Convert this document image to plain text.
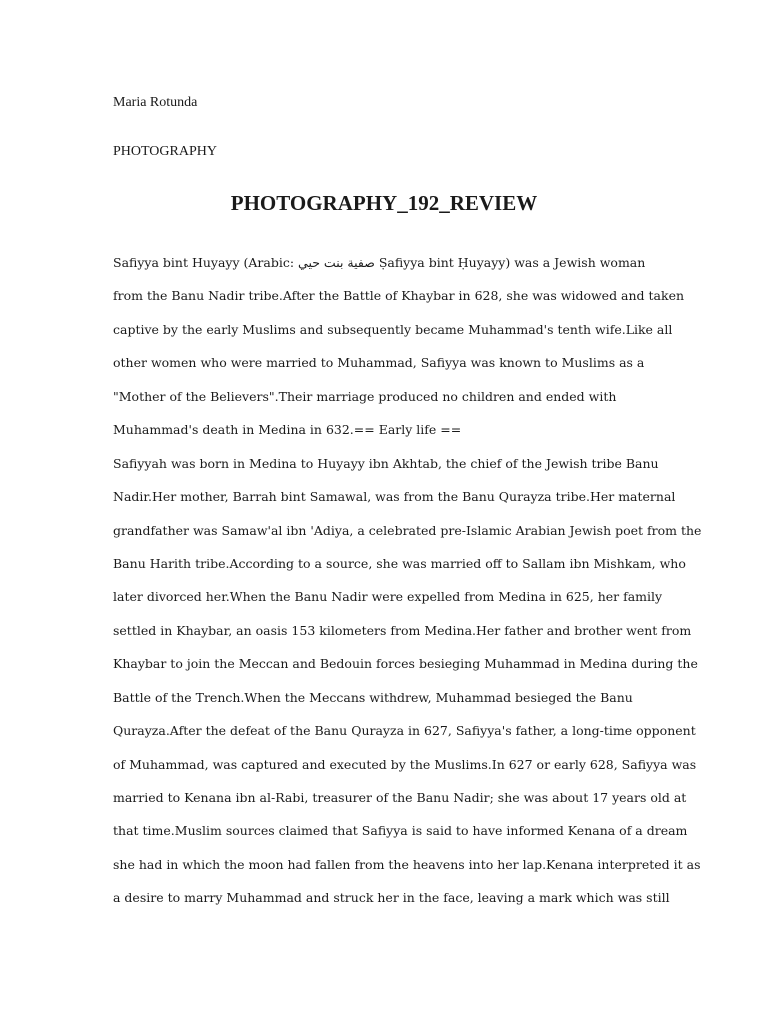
Maria Rotunda
PHOTOGRAPHY
PHOTOGRAPHY_192_REVIEW
Safiyya bint Huyayy (Arabic: صفية بنت حيي Ṣafiyya bint Ḥuyayy) was a Jewish woman
from the Banu Nadir tribe.After the Battle of Khaybar in 628, she was widowed and taken
captive by the early Muslims and subsequently became Muhammad's tenth wife.Like all
other women who were married to Muhammad, Safiyya was known to Muslims as a
"Mother of the Believers".Their marriage produced no children and ended with
Muhammad's death in Medina in 632.== Early life ==
Safiyyah was born in Medina to Huyayy ibn Akhtab, the chief of the Jewish tribe Banu
Nadir.Her mother, Barrah bint Samawal, was from the Banu Qurayza tribe.Her maternal
grandfather was Samaw'al ibn 'Adiya, a celebrated pre-Islamic Arabian Jewish poet from the
Banu Harith tribe.According to a source, she was married off to Sallam ibn Mishkam, who
later divorced her.When the Banu Nadir were expelled from Medina in 625, her family
settled in Khaybar, an oasis 153 kilometers from Medina.Her father and brother went from
Khaybar to join the Meccan and Bedouin forces besieging Muhammad in Medina during the
Battle of the Trench.When the Meccans withdrew, Muhammad besieged the Banu
Qurayza.After the defeat of the Banu Qurayza in 627, Safiyya's father, a long-time opponent
of Muhammad, was captured and executed by the Muslims.In 627 or early 628, Safiyya was
married to Kenana ibn al-Rabi, treasurer of the Banu Nadir; she was about 17 years old at
that time.Muslim sources claimed that Safiyya is said to have informed Kenana of a dream
she had in which the moon had fallen from the heavens into her lap.Kenana interpreted it as
a desire to marry Muhammad and struck her in the face, leaving a mark which was still
